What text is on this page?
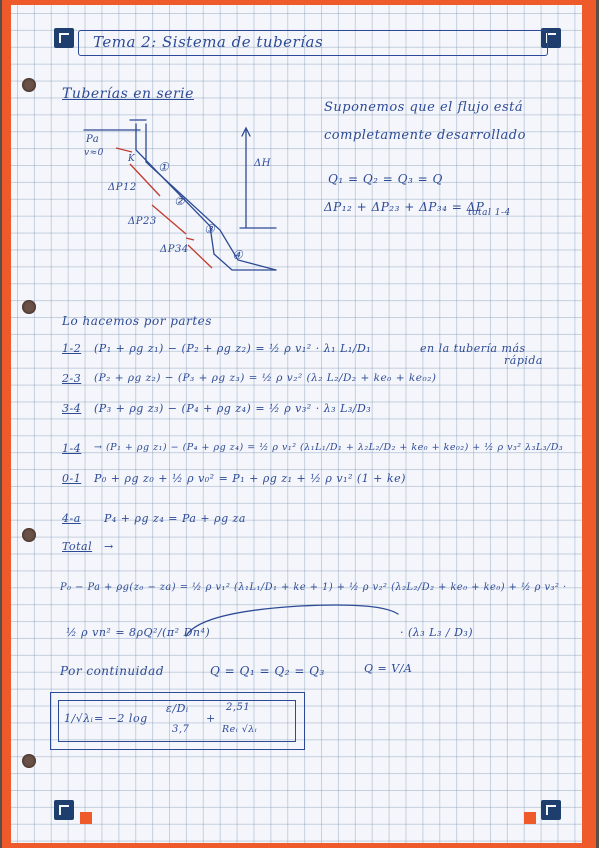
Tema 2: Sistema de tuberías
Tuberías en serie
Pa
v≈0
K
①
②
③
④
ΔP12
ΔP23
ΔP34
ΔH
Suponemos que el flujo está
completamente desarrollado
Q₁ = Q₂ = Q₃ = Q
ΔP₁₂ + ΔP₂₃ + ΔP₃₄ = ΔP
total 1-4
Lo hacemos por partes
1-2 (P₁ + ρg z₁) − (P₂ + ρg z₂) = ½ ρ v₁² · λ₁ L₁/D₁	en la tubería más
rápida
2-3 (P₂ + ρg z₂) − (P₃ + ρg z₃) = ½ ρ v₂² (λ₂ L₂/D₂ + ke₀ + ke₀₂)
3-4 (P₃ + ρg z₃) − (P₄ + ρg z₄) = ½ ρ v₃² · λ₃ L₃/D₃
1-4 → (P₁ + ρg z₁) − (P₄ + ρg z₄) = ½ ρ v₁² (λ₁L₁/D₁ + λ₂L₂/D₂ + ke₀ + ke₀₂) + ½ ρ v₃² λ₃L₃/D₃
0-1 P₀ + ρg z₀ + ½ ρ v₀² = P₁ + ρg z₁ + ½ ρ v₁² (1 + ke)
4-a P₄ + ρg z₄ = Pa + ρg za
Total →
P₀ − Pa + ρg(z₀ − za) = ½ ρ v₁² (λ₁L₁/D₁ + ke + 1) + ½ ρ v₂² (λ₂L₂/D₂ + ke₀ + ke₀) + ½ ρ v₃² ·
½ ρ vn² = 8ρQ²/(π² Dn⁴)	· (λ₃ L₃ / D₃)
Por continuidad	Q = Q₁ = Q₂ = Q₃	Q = V/A
1/√λᵢ = −2 log
ε/Dᵢ
3,7
+
2,51
Reᵢ √λᵢ
